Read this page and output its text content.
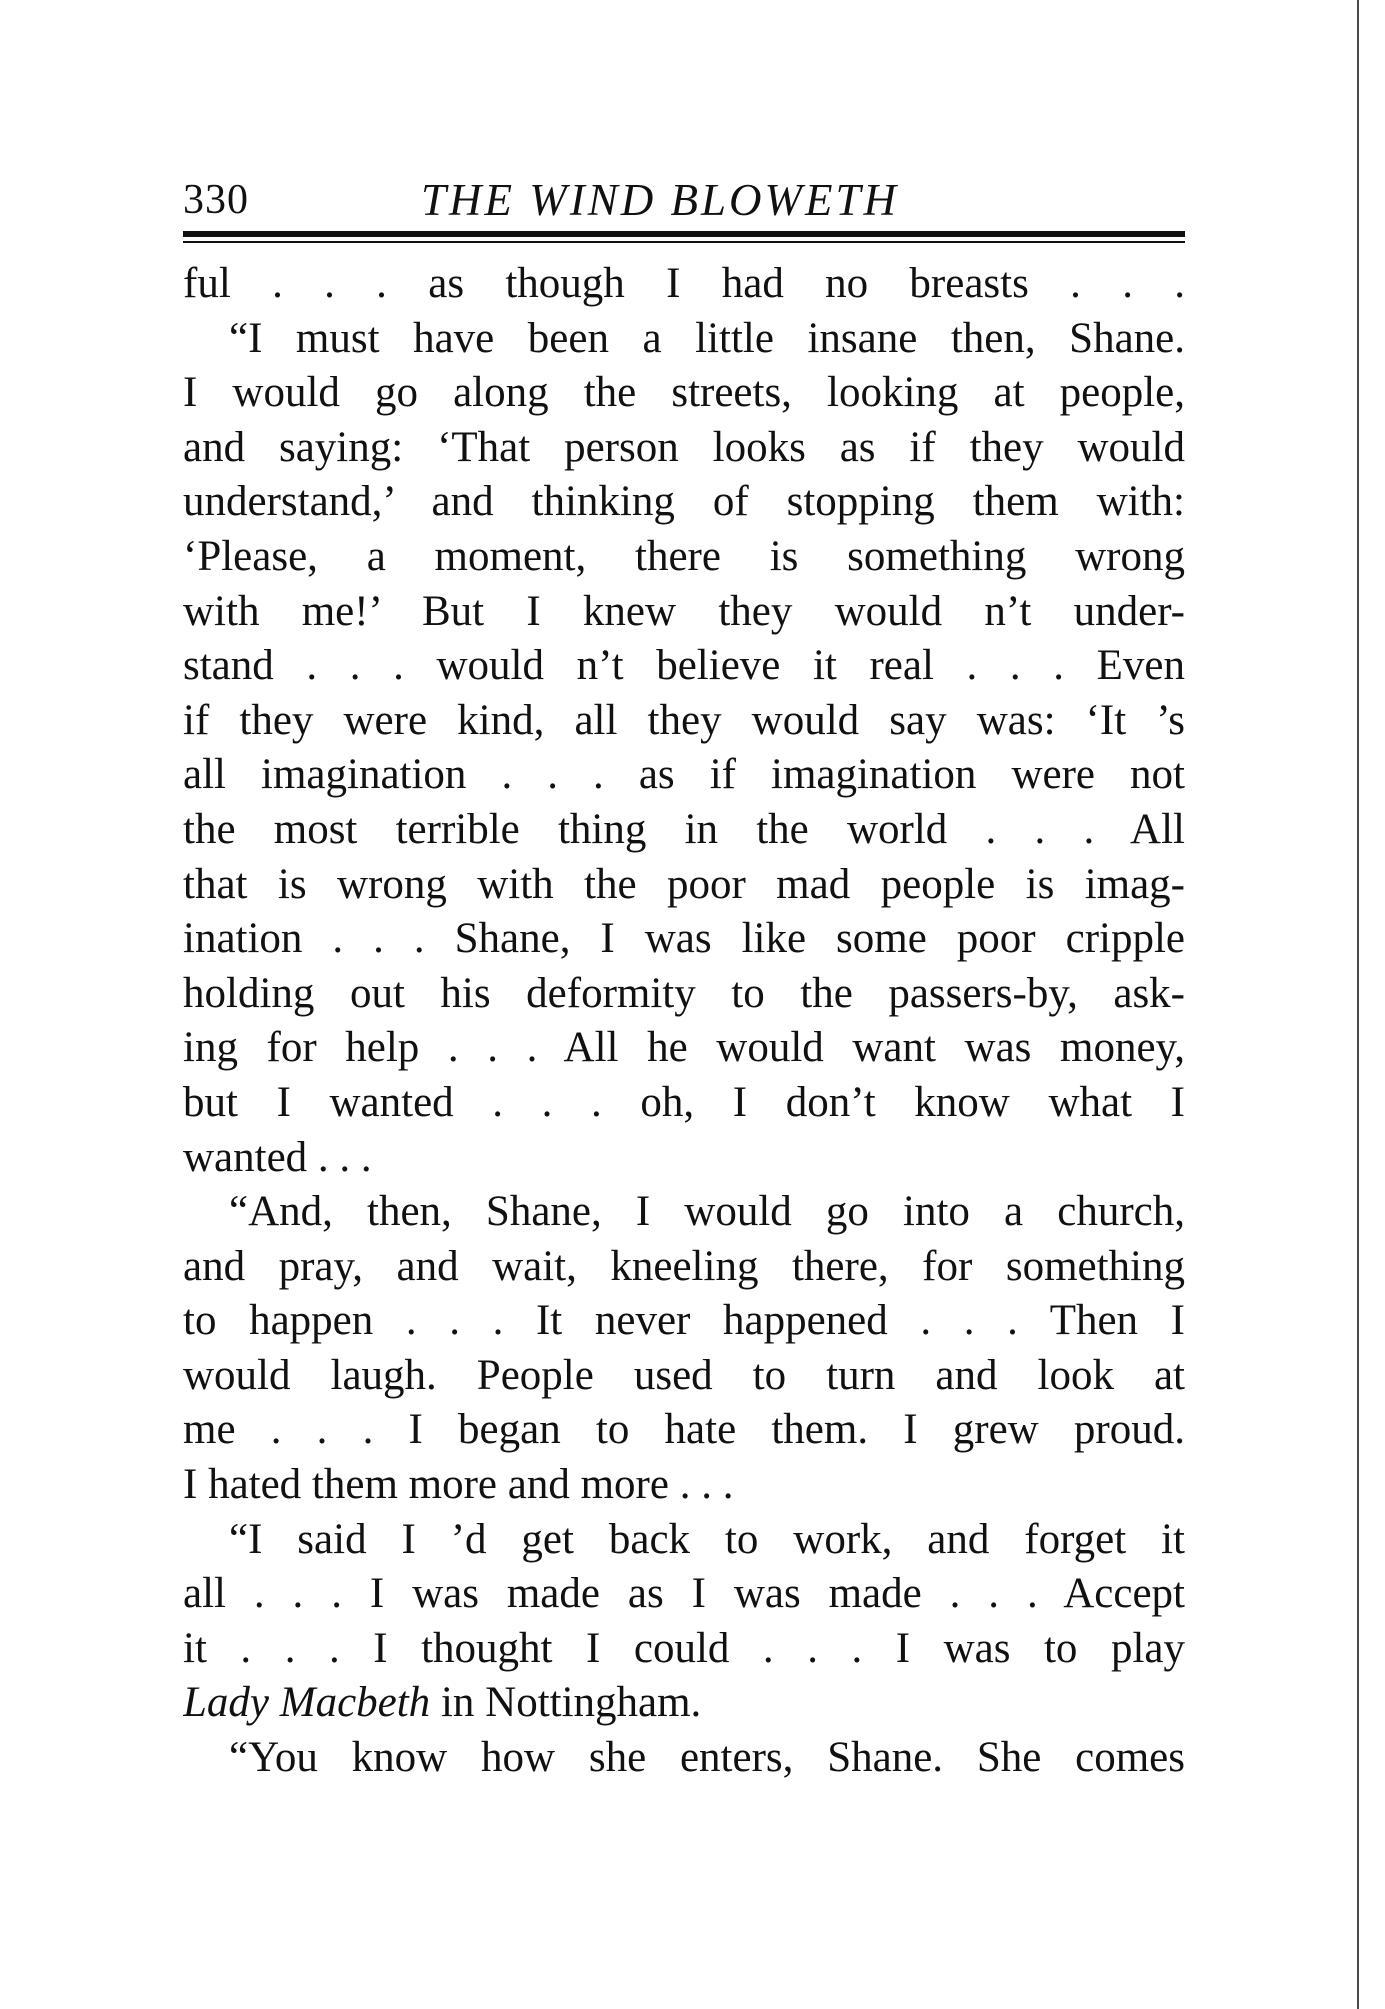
330	THE WIND BLOWETH
ful . . . as though I had no breasts . . .
“I must have been a little insane then, Shane.
I would go along the streets, looking at people,
and saying: ‘That person looks as if they would
understand,’ and thinking of stopping them with:
‘Please, a moment, there is something wrong
with me!’ But I knew they would n’t under-
stand . . . would n’t believe it real . . . Even
if they were kind, all they would say was: ‘It ’s
all imagination . . . as if imagination were not
the most terrible thing in the world . . . All
that is wrong with the poor mad people is imag-
ination . . . Shane, I was like some poor cripple
holding out his deformity to the passers-by, ask-
ing for help . . . All he would want was money,
but I wanted . . . oh, I don’t know what I
wanted . . .
“And, then, Shane, I would go into a church,
and pray, and wait, kneeling there, for something
to happen . . . It never happened . . . Then I
would laugh. People used to turn and look at
me . . . I began to hate them. I grew proud.
I hated them more and more . . .
“I said I ’d get back to work, and forget it
all . . . I was made as I was made . . . Accept
it . . . I thought I could . . . I was to play
Lady Macbeth in Nottingham.
“You know how she enters, Shane. She comes
